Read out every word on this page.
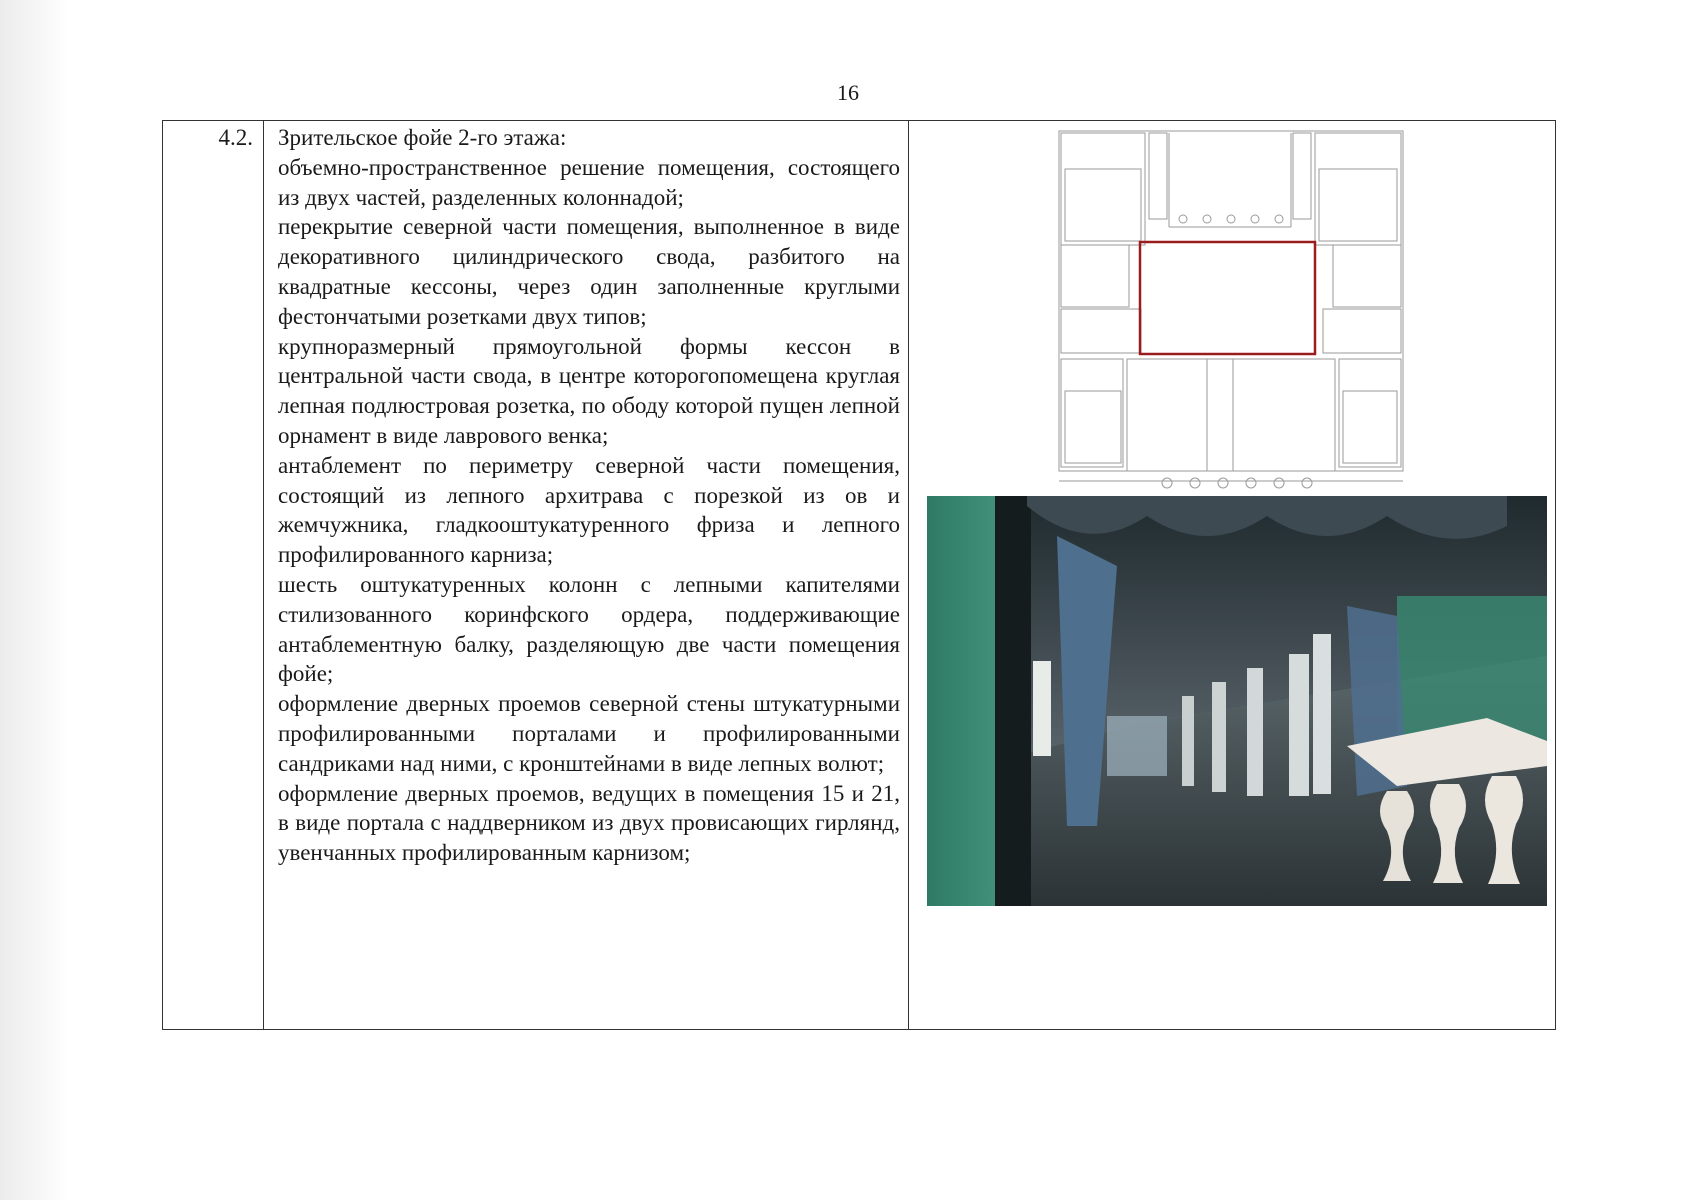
16
4.2.	Зрительское фойе 2-го этажа:

объемно-пространственное решение помещения, состоящего из двух частей, разделенных колоннадой;

перекрытие северной части помещения, выполненное в виде декоративного цилиндрического свода, разбитого на квадратные кессоны, через один заполненные круглыми фестончатыми розетками двух типов;

крупноразмерный прямоугольной формы кессон в центральной части свода, в центре которогопомещена круглая лепная подлюстровая розетка, по ободу которой пущен лепной орнамент в виде лаврового венка;

антаблемент по периметру северной части помещения, состоящий из лепного архитрава с порезкой из ов и жемчужника, гладкооштукатуренного фриза и лепного профилированного карниза;

шесть оштукатуренных колонн с лепными капителями стилизованного коринфского ордера, поддерживающие антаблементную балку, разделяющую две части помещения фойе;

оформление дверных проемов северной стены штукатурными профилированными порталами и профилированными сандриками над ними, с кронштейнами в виде лепных волют;

оформление дверных проемов, ведущих в помещения 15 и 21, в виде портала с наддверником из двух провисающих гирлянд, увенчанных профилированным карнизом;
